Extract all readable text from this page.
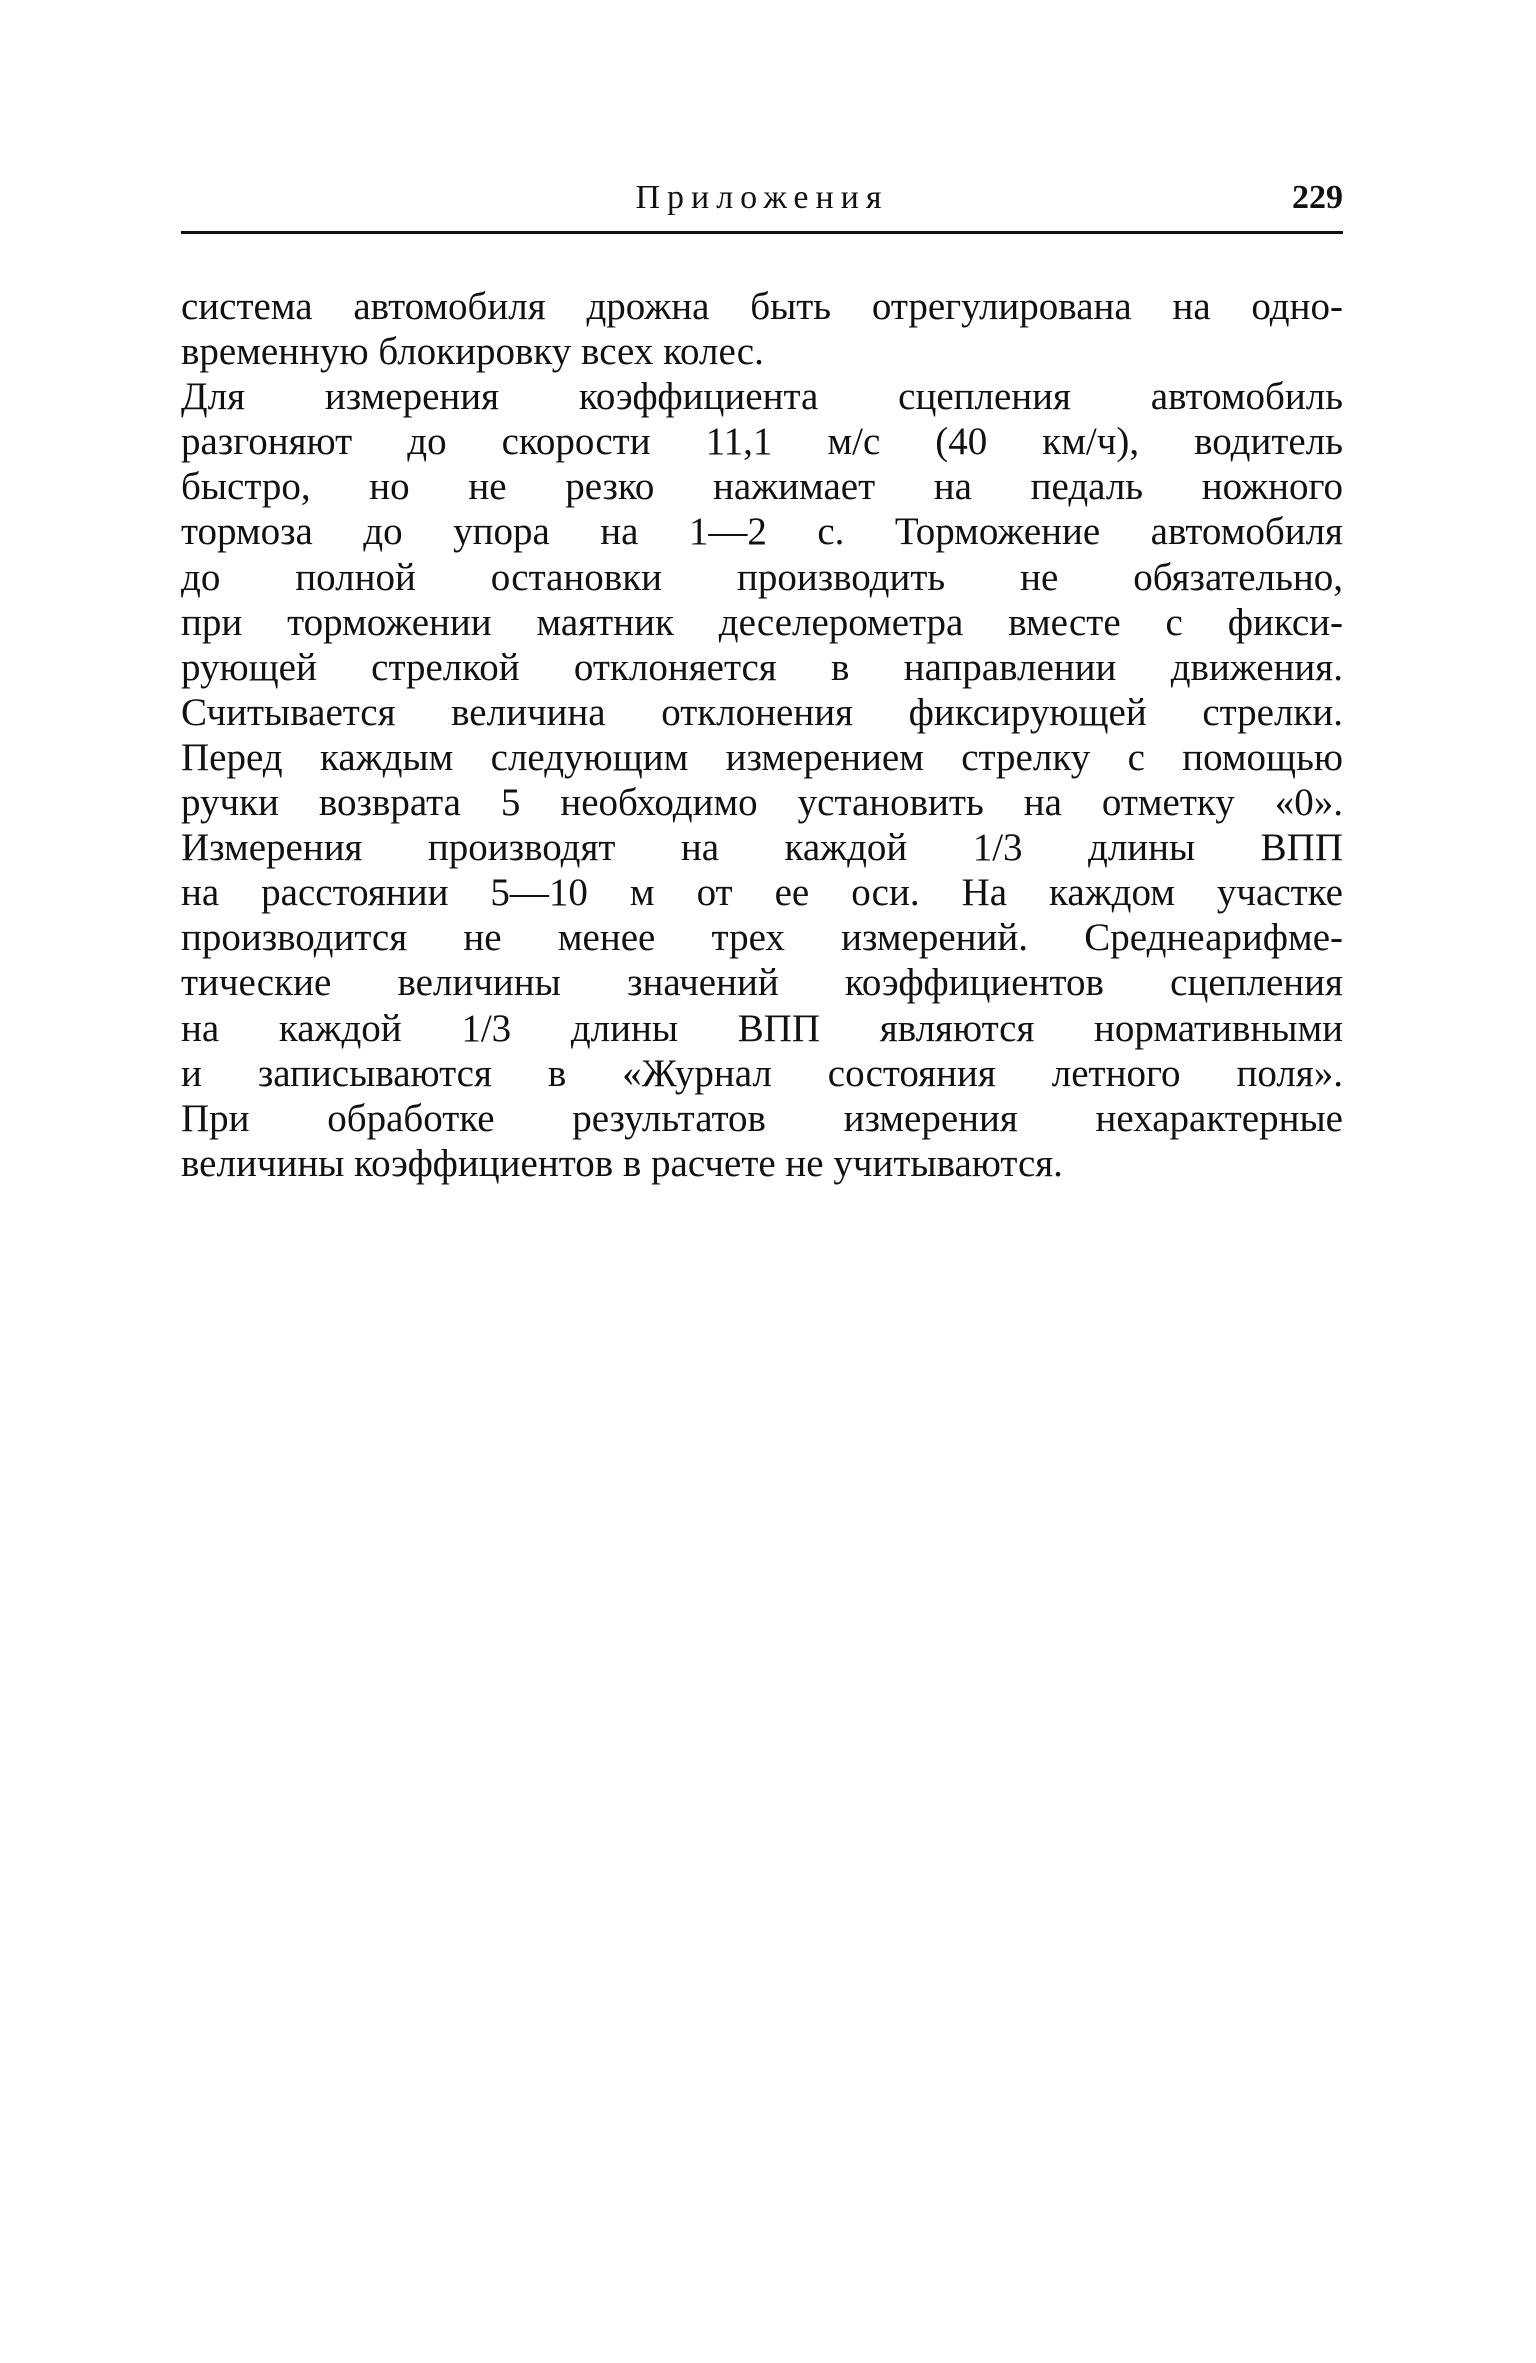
Приложения	229
система автомобиля дрожна быть отрегулирована на одно-
временную блокировку всех колес.
Для измерения коэффициента сцепления автомобиль
разгоняют до скорости 11,1 м/с (40 км/ч), водитель
быстро, но не резко нажимает на педаль ножного
тормоза до упора на 1—2 с. Торможение автомобиля
до полной остановки производить не обязательно,
при торможении маятник деселерометра вместе с фикси-
рующей стрелкой отклоняется в направлении движения.
Считывается величина отклонения фиксирующей стрелки.
Перед каждым следующим измерением стрелку с помощью
ручки возврата 5 необходимо установить на отметку «0».
Измерения производят на каждой 1/3 длины ВПП
на расстоянии 5—10 м от ее оси. На каждом участке
производится не менее трех измерений. Среднеарифме-
тические величины значений коэффициентов сцепления
на каждой 1/3 длины ВПП являются нормативными
и записываются в «Журнал состояния летного поля».
При обработке результатов измерения нехарактерные
величины коэффициентов в расчете не учитываются.
